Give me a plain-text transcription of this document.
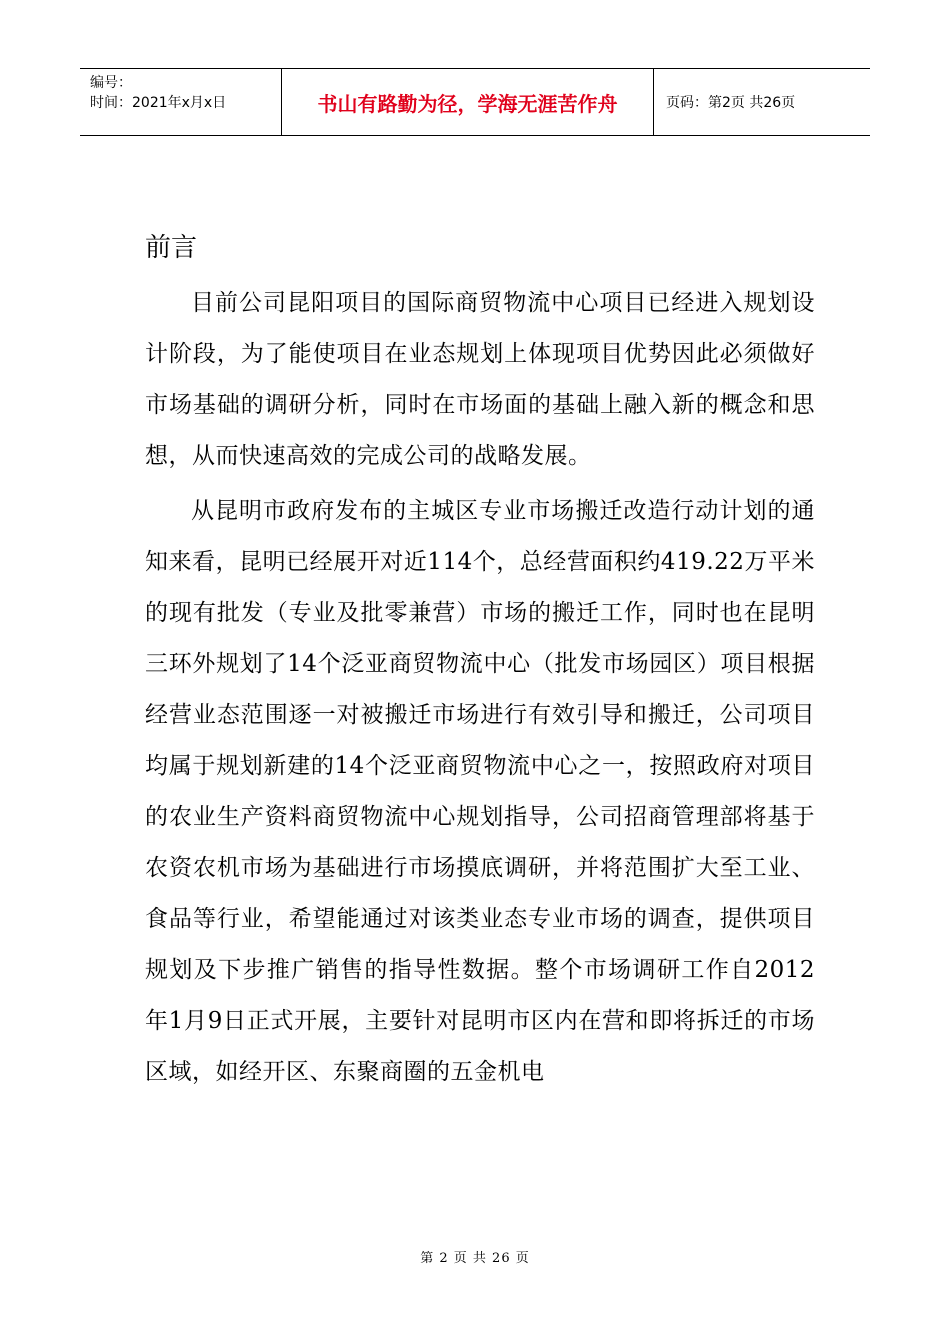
编号：
时间：2021年x月x日	书山有路勤为径，学海无涯苦作舟	页码：第2页 共26页
前言

目前公司昆阳项目的国际商贸物流中心项目已经进入规划设计阶段，为了能使项目在业态规划上体现项目优势因此必须做好市场基础的调研分析，同时在市场面的基础上融入新的概念和思想，从而快速高效的完成公司的战略发展。

从昆明市政府发布的主城区专业市场搬迁改造行动计划的通知来看，昆明已经展开对近114个，总经营面积约419.22万平米的现有批发（专业及批零兼营）市场的搬迁工作，同时也在昆明三环外规划了14个泛亚商贸物流中心（批发市场园区）项目根据经营业态范围逐一对被搬迁市场进行有效引导和搬迁，公司项目均属于规划新建的14个泛亚商贸物流中心之一，按照政府对项目的农业生产资料商贸物流中心规划指导，公司招商管理部将基于农资农机市场为基础进行市场摸底调研，并将范围扩大至工业、食品等行业，希望能通过对该类业态专业市场的调查，提供项目规划及下步推广销售的指导性数据。整个市场调研工作自2012年1月9日正式开展，主要针对昆明市区内在营和即将拆迁的市场区域，如经开区、东聚商圈的五金机电

第 2 页 共 26 页
